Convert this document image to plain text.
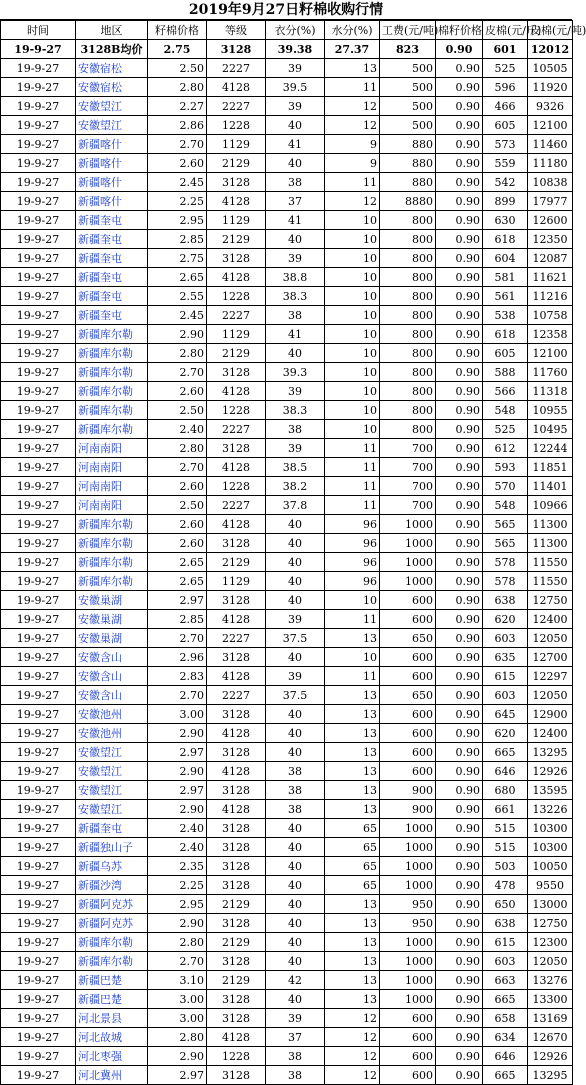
2019年9月27日籽棉收购行情
时间	地区	籽棉价格	等级	衣分(%)	水分(%)	工费(元/吨)	棉籽价格	皮棉(元/斤)	皮棉(元/吨)
19-9-27	3128B均价	2.75	3128	39.38	27.37	823	0.90	601	12012
19-9-27	安徽宿松	2.50	2227	39	13	500	0.90	525	10505
19-9-27	安徽宿松	2.80	4128	39.5	11	500	0.90	596	11920
19-9-27	安徽望江	2.27	2227	39	12	500	0.90	466	9326
19-9-27	安徽望江	2.86	1228	40	12	500	0.90	605	12100
19-9-27	新疆喀什	2.70	1129	41	9	880	0.90	573	11460
19-9-27	新疆喀什	2.60	2129	40	9	880	0.90	559	11180
19-9-27	新疆喀什	2.45	3128	38	11	880	0.90	542	10838
19-9-27	新疆喀什	2.25	4128	37	12	8880	0.90	899	17977
19-9-27	新疆奎屯	2.95	1129	41	10	800	0.90	630	12600
19-9-27	新疆奎屯	2.85	2129	40	10	800	0.90	618	12350
19-9-27	新疆奎屯	2.75	3128	39	10	800	0.90	604	12087
19-9-27	新疆奎屯	2.65	4128	38.8	10	800	0.90	581	11621
19-9-27	新疆奎屯	2.55	1228	38.3	10	800	0.90	561	11216
19-9-27	新疆奎屯	2.45	2227	38	10	800	0.90	538	10758
19-9-27	新疆库尔勒	2.90	1129	41	10	800	0.90	618	12358
19-9-27	新疆库尔勒	2.80	2129	40	10	800	0.90	605	12100
19-9-27	新疆库尔勒	2.70	3128	39.3	10	800	0.90	588	11760
19-9-27	新疆库尔勒	2.60	4128	39	10	800	0.90	566	11318
19-9-27	新疆库尔勒	2.50	1228	38.3	10	800	0.90	548	10955
19-9-27	新疆库尔勒	2.40	2227	38	10	800	0.90	525	10495
19-9-27	河南南阳	2.80	3128	39	11	700	0.90	612	12244
19-9-27	河南南阳	2.70	4128	38.5	11	700	0.90	593	11851
19-9-27	河南南阳	2.60	1228	38.2	11	700	0.90	570	11401
19-9-27	河南南阳	2.50	2227	37.8	11	700	0.90	548	10966
19-9-27	新疆库尔勒	2.60	4128	40	96	1000	0.90	565	11300
19-9-27	新疆库尔勒	2.60	3128	40	96	1000	0.90	565	11300
19-9-27	新疆库尔勒	2.65	2129	40	96	1000	0.90	578	11550
19-9-27	新疆库尔勒	2.65	1129	40	96	1000	0.90	578	11550
19-9-27	安徽巢湖	2.97	3128	40	10	600	0.90	638	12750
19-9-27	安徽巢湖	2.85	4128	39	11	600	0.90	620	12400
19-9-27	安徽巢湖	2.70	2227	37.5	13	650	0.90	603	12050
19-9-27	安徽含山	2.96	3128	40	10	600	0.90	635	12700
19-9-27	安徽含山	2.83	4128	39	11	600	0.90	615	12297
19-9-27	安徽含山	2.70	2227	37.5	13	650	0.90	603	12050
19-9-27	安徽池州	3.00	3128	40	13	600	0.90	645	12900
19-9-27	安徽池州	2.90	4128	40	13	600	0.90	620	12400
19-9-27	安徽望江	2.97	3128	40	13	600	0.90	665	13295
19-9-27	安徽望江	2.90	4128	38	13	600	0.90	646	12926
19-9-27	安徽望江	2.97	3128	38	13	900	0.90	680	13595
19-9-27	安徽望江	2.90	4128	38	13	900	0.90	661	13226
19-9-27	新疆奎屯	2.40	3128	40	65	1000	0.90	515	10300
19-9-27	新疆独山子	2.40	3128	40	65	1000	0.90	515	10300
19-9-27	新疆乌苏	2.35	3128	40	65	1000	0.90	503	10050
19-9-27	新疆沙湾	2.25	3128	40	65	1000	0.90	478	9550
19-9-27	新疆阿克苏	2.95	2129	40	13	950	0.90	650	13000
19-9-27	新疆阿克苏	2.90	3128	40	13	950	0.90	638	12750
19-9-27	新疆库尔勒	2.80	2129	40	13	1000	0.90	615	12300
19-9-27	新疆库尔勒	2.70	3128	40	13	1000	0.90	603	12050
19-9-27	新疆巴楚	3.10	2129	42	13	1000	0.90	663	13276
19-9-27	新疆巴楚	3.00	3128	40	13	1000	0.90	665	13300
19-9-27	河北景县	3.00	3128	39	12	600	0.90	658	13169
19-9-27	河北故城	2.80	4128	37	12	600	0.90	634	12670
19-9-27	河北枣强	2.90	1228	38	12	600	0.90	646	12926
19-9-27	河北冀州	2.97	3128	38	12	600	0.90	665	13295
